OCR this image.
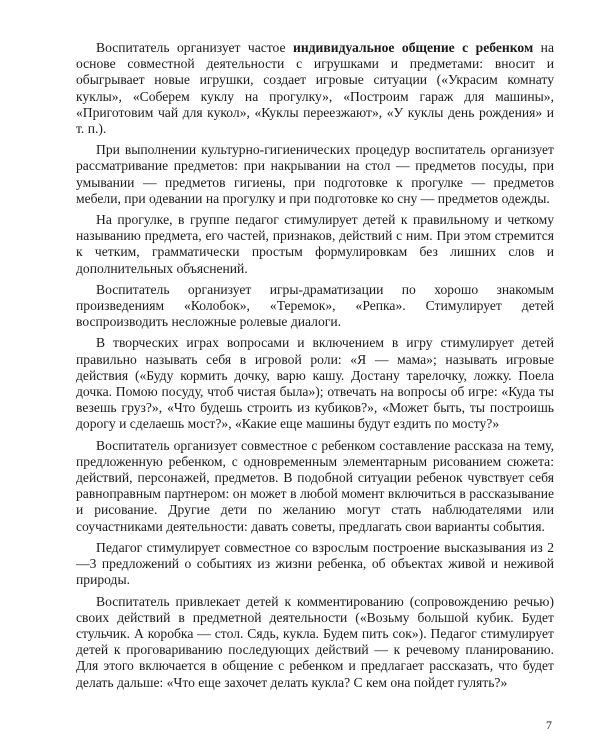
Воспитатель организует частое индивидуальное общение с ребенком на основе совместной деятельности с игрушками и предметами: вносит и обыгрывает новые игрушки, создает игровые ситуации («Украсим комнату куклы», «Соберем куклу на прогулку», «Построим гараж для машины», «Приготовим чай для кукол», «Куклы переезжают», «У куклы день рождения» и т. п.).

При выполнении культурно-гигиенических процедур воспитатель организует рассматривание предметов: при накрывании на стол — предметов посуды, при умывании — предметов гигиены, при подготовке к прогулке — предметов мебели, при одевании на прогулку и при подготовке ко сну — предметов одежды.

На прогулке, в группе педагог стимулирует детей к правильному и четкому называнию предмета, его частей, признаков, действий с ним. При этом стремится к четким, грамматически простым формулировкам без лишних слов и дополнительных объяснений.

Воспитатель организует игры-драматизации по хорошо знакомым произведениям «Колобок», «Теремок», «Репка». Стимулирует детей воспроизводить несложные ролевые диалоги.

В творческих играх вопросами и включением в игру стимулирует детей правильно называть себя в игровой роли: «Я — мама»; называть игровые действия («Буду кормить дочку, варю кашу. Достану тарелочку, ложку. Поела дочка. Помою посуду, чтоб чистая была»); отвечать на вопросы об игре: «Куда ты везешь груз?», «Что будешь строить из кубиков?», «Может быть, ты построишь дорогу и сделаешь мост?», «Какие еще машины будут ездить по мосту?»

Воспитатель организует совместное с ребенком составление рассказа на тему, предложенную ребенком, с одновременным элементарным рисованием сюжета: действий, персонажей, предметов. В подобной ситуации ребенок чувствует себя равноправным партнером: он может в любой момент включиться в рассказывание и рисование. Другие дети по желанию могут стать наблюдателями или соучастниками деятельности: давать советы, предлагать свои варианты события.

Педагог стимулирует совместное со взрослым построение высказывания из 2—3 предложений о событиях из жизни ребенка, об объектах живой и неживой природы.

Воспитатель привлекает детей к комментированию (сопровождению речью) своих действий в предметной деятельности («Возьму большой кубик. Будет стульчик. А коробка — стол. Сядь, кукла. Будем пить сок»). Педагог стимулирует детей к проговариванию последующих действий — к речевому планированию. Для этого включается в общение с ребенком и предлагает рассказать, что будет делать дальше: «Что еще захочет делать кукла? С кем она пойдет гулять?»

7
